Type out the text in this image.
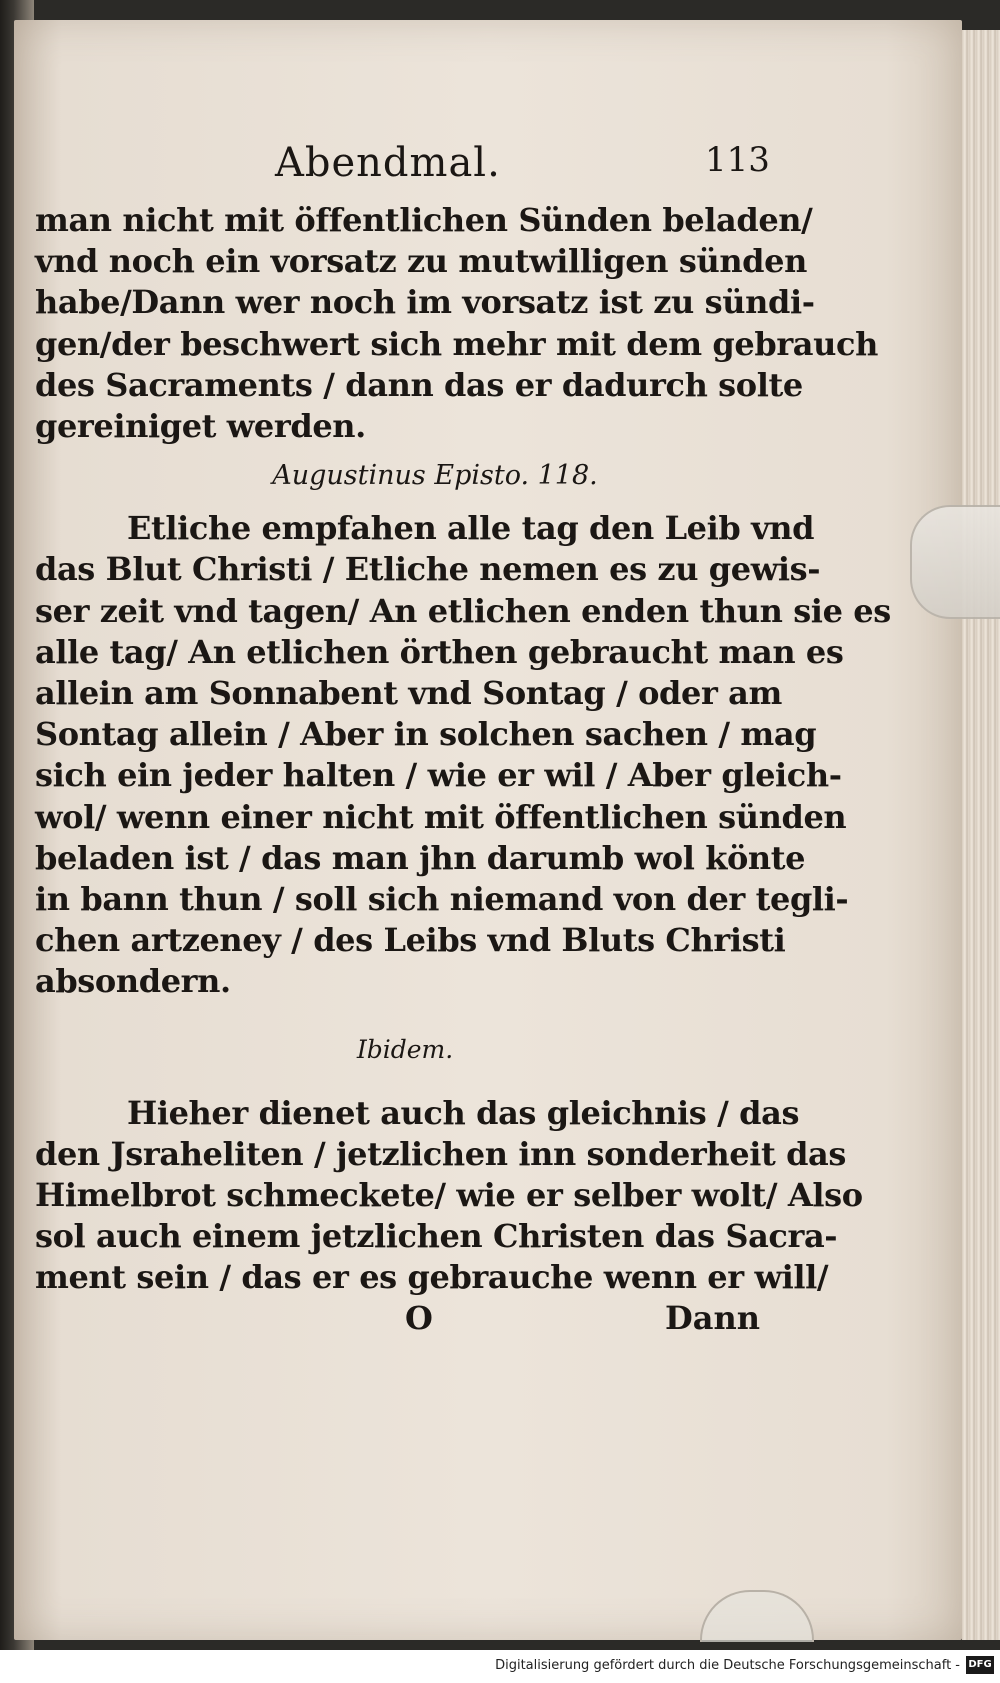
Abendmal.	113
man nicht mit öffentlichen Sünden beladen/
vnd noch ein vorsatz zu mutwilligen sünden
habe/Dann wer noch im vorsatz ist zu sündi-
gen/der beschwert sich mehr mit dem gebrauch
des Sacraments / dann das er dadurch solte
gereiniget werden.
Augustinus Episto. 118.
Etliche empfahen alle tag den Leib vnd
das Blut Christi / Etliche nemen es zu gewis-
ser zeit vnd tagen/ An etlichen enden thun sie es
alle tag/ An etlichen örthen gebraucht man es
allein am Sonnabent vnd Sontag / oder am
Sontag allein / Aber in solchen sachen / mag
sich ein jeder halten / wie er wil / Aber gleich-
wol/ wenn einer nicht mit öffentlichen sünden
beladen ist / das man jhn darumb wol könte
in bann thun / soll sich niemand von der tegli-
chen artzeney / des Leibs vnd Bluts Christi
absondern.
Ibidem.
Hieher dienet auch das gleichnis / das
den Jsraheliten / jetzlichen inn sonderheit das
Himelbrot schmeckete/ wie er selber wolt/ Also
sol auch einem jetzlichen Christen das Sacra-
ment sein / das er es gebrauche wenn er will/
O	Dann
Digitalisierung gefördert durch die Deutsche Forschungsgemeinschaft - DFG
